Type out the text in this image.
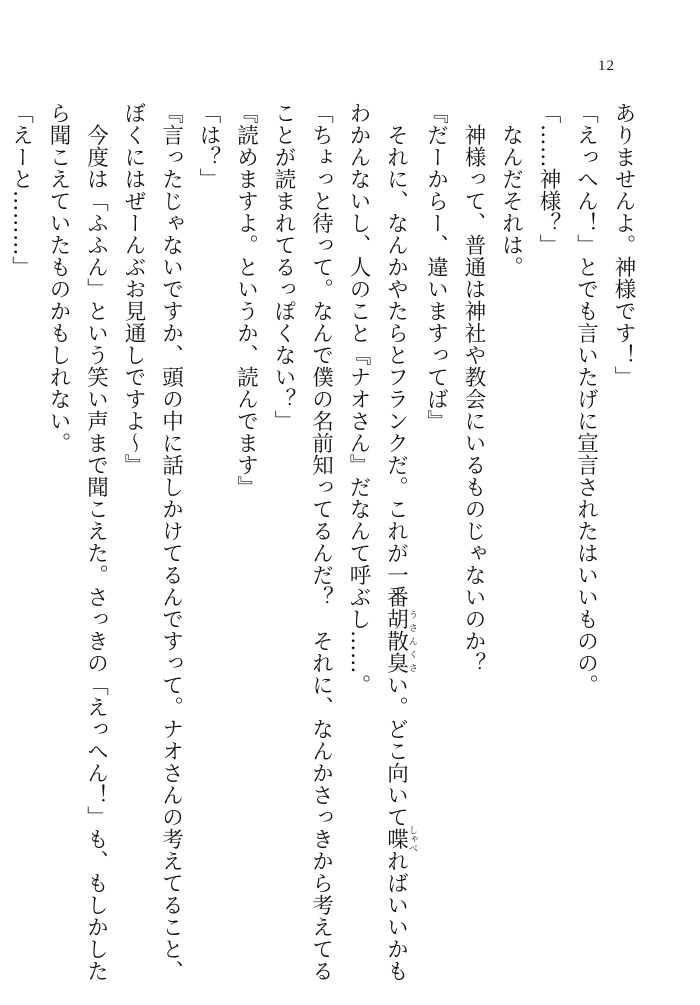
12
ありませんよ。神様です！」
「えっへん！」とでも言いたげに宣言されたはいいものの。
「……神様？」
　なんだそれは。
　神様って、普通は神社や教会にいるものじゃないのか？
『だーからー、違いますってば』
　それに、なんかやたらとフランクだ。これが一番胡散臭うさんくさい。どこ向いて喋しゃべればいいかも
わかんないし、人のこと『ナオさん』だなんて呼ぶし……。
「ちょっと待って。なんで僕の名前知ってるんだ？　それに、なんかさっきから考えてる
ことが読まれてるっぽくない？」
『読めますよ。というか、読んでます』
「は？」
『言ったじゃないですか、頭の中に話しかけてるんですって。ナオさんの考えてること、
ぼくにはぜーんぶお見通しですよ～』
　今度は「ふふん」という笑い声まで聞こえた。さっきの「えっへん！」も、もしかした
ら聞こえていたものかもしれない。
「えーと………」
